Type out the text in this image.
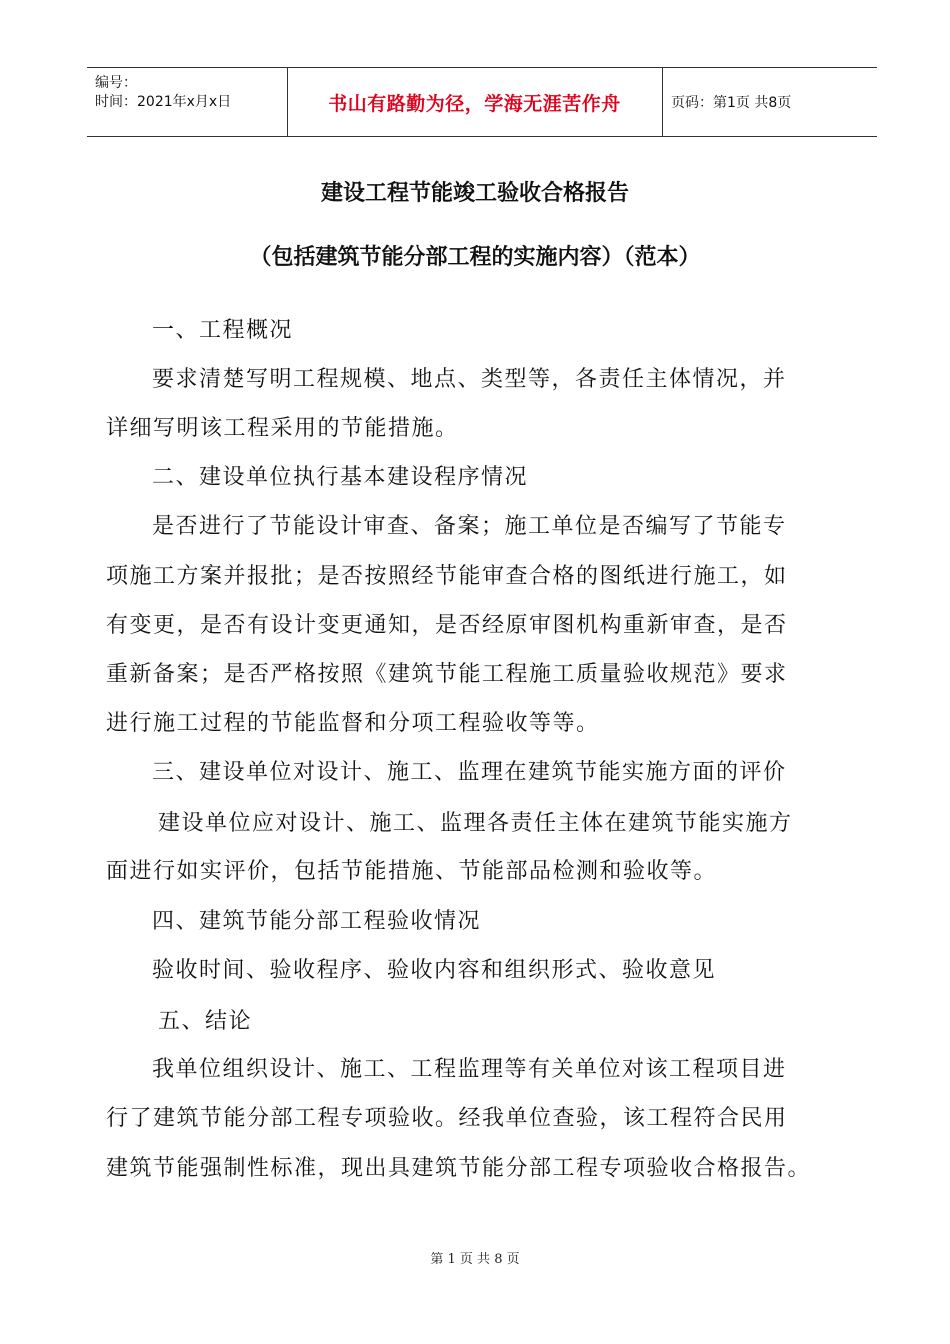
编号：
时间：2021年x月x日	书山有路勤为径，学海无涯苦作舟	页码：第1页 共8页
建设工程节能竣工验收合格报告
（包括建筑节能分部工程的实施内容）（范本）
一、工程概况
要求清楚写明工程规模、地点、类型等，各责任主体情况，并
详细写明该工程采用的节能措施。
二、建设单位执行基本建设程序情况
是否进行了节能设计审查、备案；施工单位是否编写了节能专
项施工方案并报批；是否按照经节能审查合格的图纸进行施工，如
有变更，是否有设计变更通知，是否经原审图机构重新审查，是否
重新备案；是否严格按照《建筑节能工程施工质量验收规范》要求
进行施工过程的节能监督和分项工程验收等等。
三、建设单位对设计、施工、监理在建筑节能实施方面的评价
建设单位应对设计、施工、监理各责任主体在建筑节能实施方
面进行如实评价，包括节能措施、节能部品检测和验收等。
四、建筑节能分部工程验收情况
验收时间、验收程序、验收内容和组织形式、验收意见
五、结论
我单位组织设计、施工、工程监理等有关单位对该工程项目进
行了建筑节能分部工程专项验收。经我单位查验，该工程符合民用
建筑节能强制性标准，现出具建筑节能分部工程专项验收合格报告。
第 1 页 共 8 页
